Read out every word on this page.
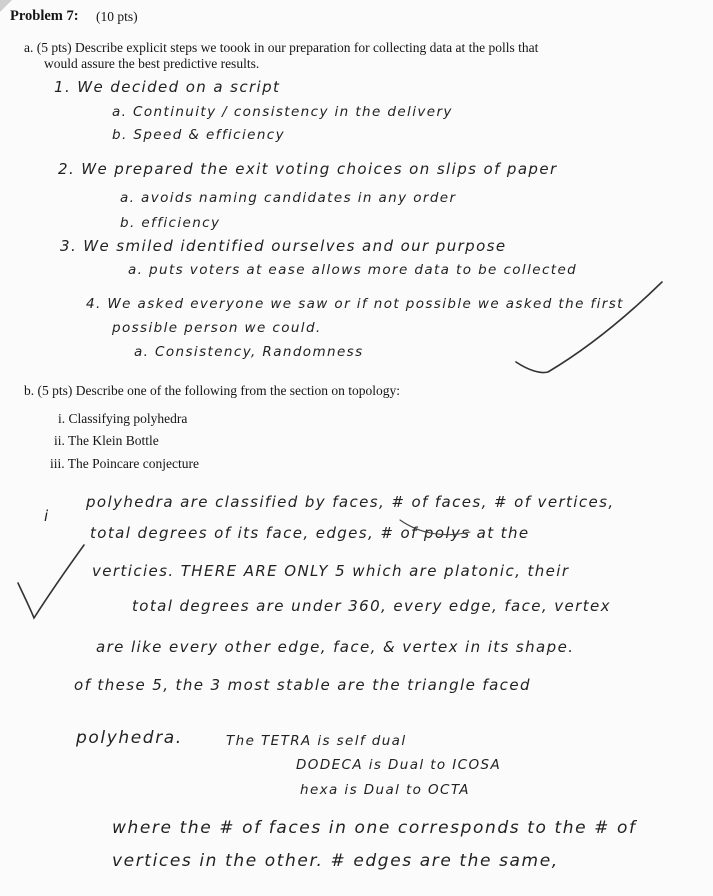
Problem 7: (10 pts)
a. (5 pts) Describe explicit steps we toook in our preparation for collecting data at the polls that
would assure the best predictive results.
1. We decided on a script
a. Continuity / consistency in the delivery
b. Speed & efficiency
2. We prepared the exit voting choices on slips of paper
a. avoids naming candidates in any order
b. efficiency
3. We smiled identified ourselves and our purpose
a. puts voters at ease allows more data to be collected
4. We asked everyone we saw or if not possible we asked the first
possible person we could.
a. Consistency, Randomness
b. (5 pts) Describe one of the following from the section on topology:
i. Classifying polyhedra
ii. The Klein Bottle
iii. The Poincare conjecture
i
polyhedra are classified by faces, # of faces, # of vertices,
total degrees of its face, edges, # of polys at the
verticies. THERE ARE ONLY 5 which are platonic, their
total degrees are under 360, every edge, face, vertex
are like every other edge, face, & vertex in its shape.
of these 5, the 3 most stable are the triangle faced
polyhedra.	The TETRA is self dual
DODECA is Dual to ICOSA
hexa is Dual to OCTA
where the # of faces in one corresponds to the # of
vertices in the other. # edges are the same,
